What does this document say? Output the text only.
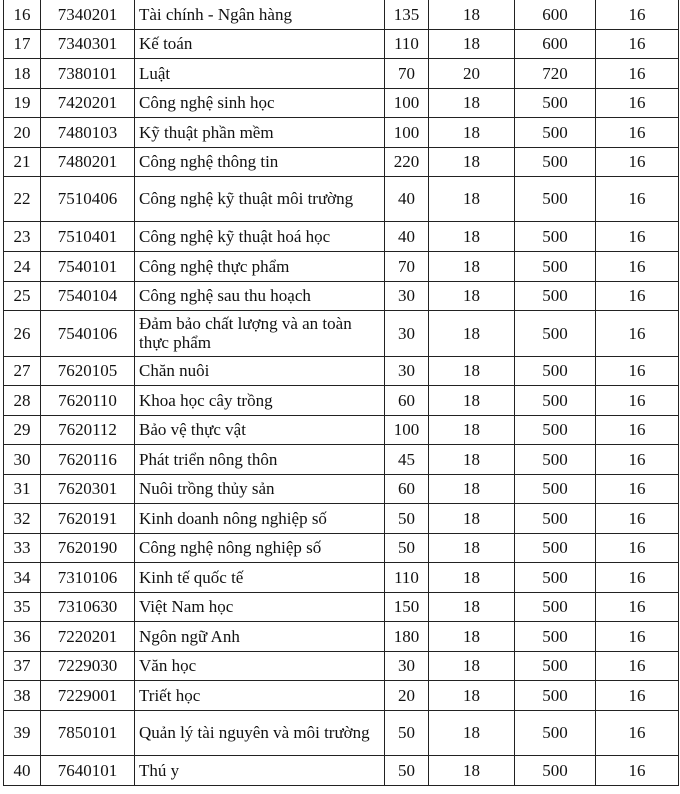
16	7340201	Tài chính - Ngân hàng	135	18	600	16
17	7340301	Kế toán	110	18	600	16
18	7380101	Luật	70	20	720	16
19	7420201	Công nghệ sinh học	100	18	500	16
20	7480103	Kỹ thuật phần mềm	100	18	500	16
21	7480201	Công nghệ thông tin	220	18	500	16
22	7510406	Công nghệ kỹ thuật môi trường	40	18	500	16
23	7510401	Công nghệ kỹ thuật hoá học	40	18	500	16
24	7540101	Công nghệ thực phẩm	70	18	500	16
25	7540104	Công nghệ sau thu hoạch	30	18	500	16
26	7540106	Đảm bảo chất lượng và an toàn thực phẩm	30	18	500	16
27	7620105	Chăn nuôi	30	18	500	16
28	7620110	Khoa học cây trồng	60	18	500	16
29	7620112	Bảo vệ thực vật	100	18	500	16
30	7620116	Phát triển nông thôn	45	18	500	16
31	7620301	Nuôi trồng thủy sản	60	18	500	16
32	7620191	Kinh doanh nông nghiệp số	50	18	500	16
33	7620190	Công nghệ nông nghiệp số	50	18	500	16
34	7310106	Kinh tế quốc tế	110	18	500	16
35	7310630	Việt Nam học	150	18	500	16
36	7220201	Ngôn ngữ Anh	180	18	500	16
37	7229030	Văn học	30	18	500	16
38	7229001	Triết học	20	18	500	16
39	7850101	Quản lý tài nguyên và môi trường	50	18	500	16
40	7640101	Thú y	50	18	500	16
